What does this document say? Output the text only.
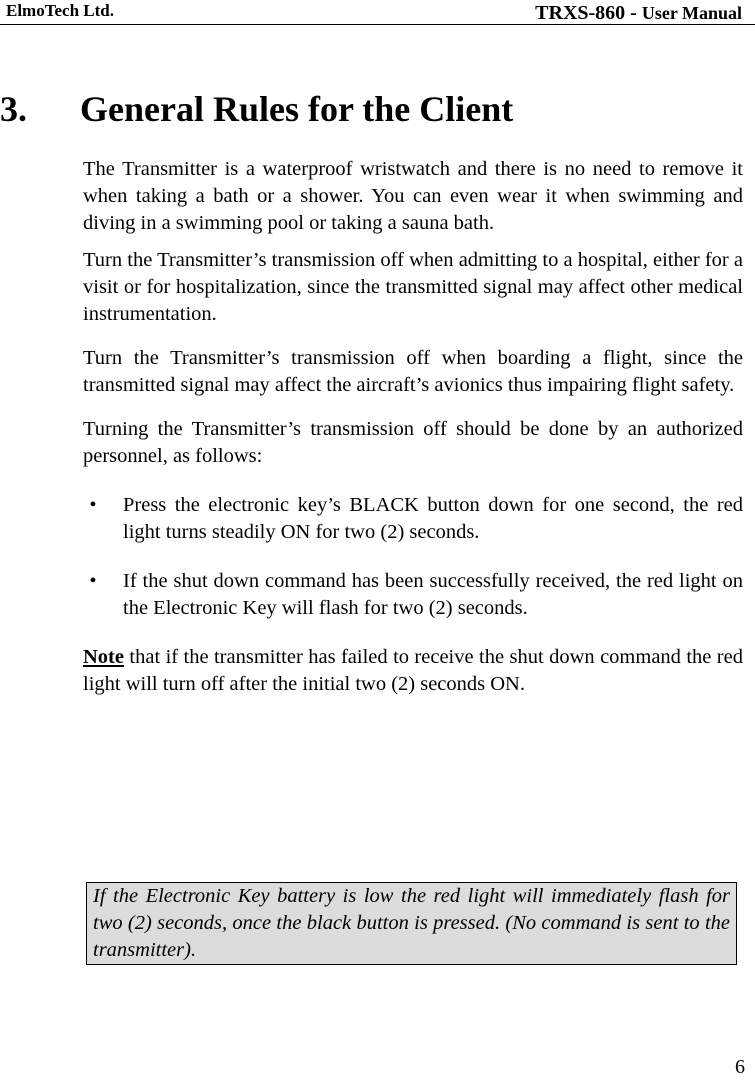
ElmoTech Ltd.	TRXS-860 - User Manual
3. General Rules for the Client

The Transmitter is a waterproof wristwatch and there is no need to remove it when taking a bath or a shower. You can even wear it when swimming and diving in a swimming pool or taking a sauna bath.

Turn the Transmitter’s transmission off when admitting to a hospital, either for a visit or for hospitalization, since the transmitted signal may affect other medical instrumentation.

Turn the Transmitter’s transmission off when boarding a flight, since the transmitted signal may affect the aircraft’s avionics thus impairing flight safety.

Turning the Transmitter’s transmission off should be done by an authorized personnel, as follows:

•	Press the electronic key’s BLACK button down for one second, the red light turns steadily ON for two (2) seconds.
•	If the shut down command has been successfully received, the red light on the Electronic Key will flash for two (2) seconds.

Note that if the transmitter has failed to receive the shut down command the red light will turn off after the initial two (2) seconds ON.

If the Electronic Key battery is low the red light will immediately flash for two (2) seconds, once the black button is pressed. (No command is sent to the transmitter).
6
